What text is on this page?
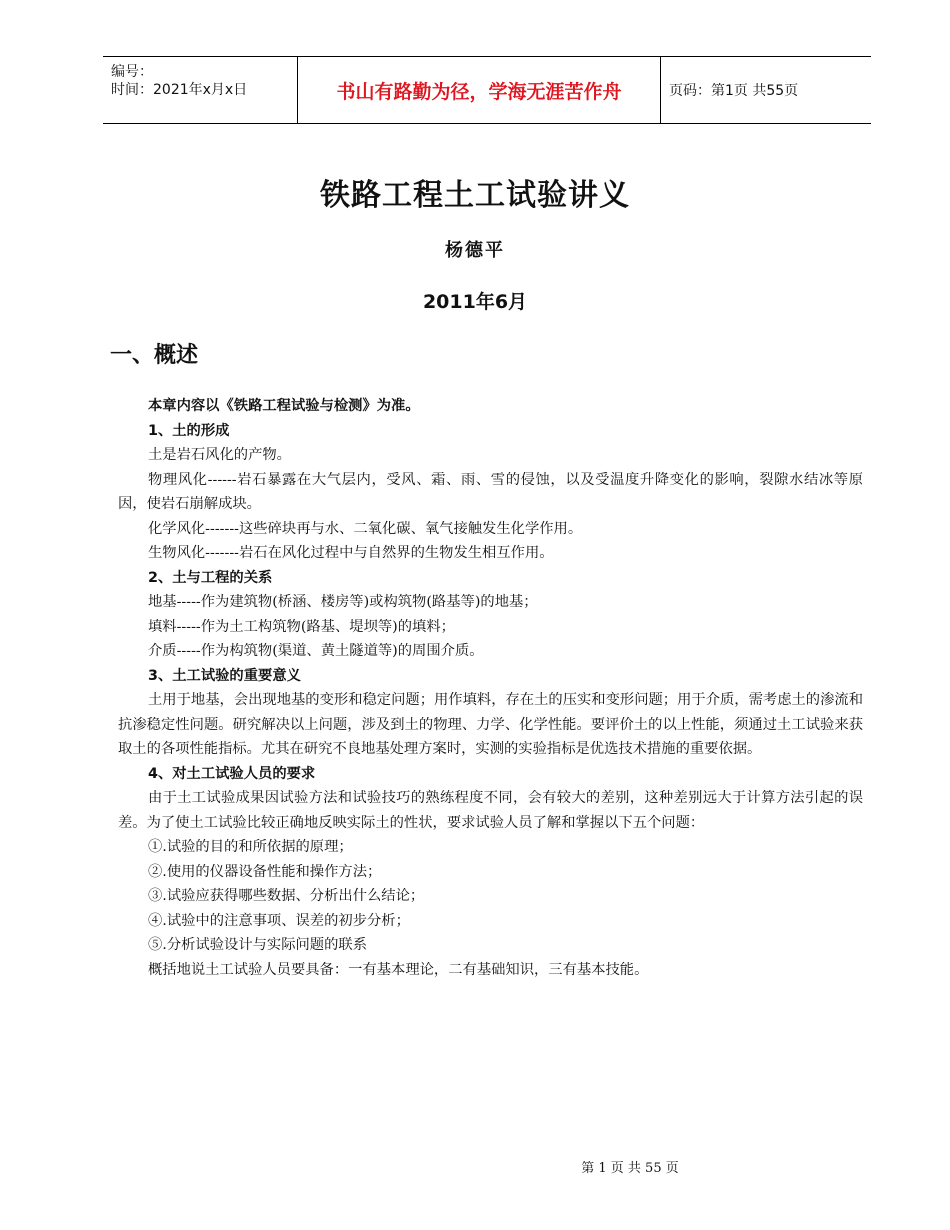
编号：
时间：2021年x月x日	书山有路勤为径，学海无涯苦作舟	页码：第1页 共55页
铁路工程土工试验讲义
杨德平
2011年6月
一、概述

本章内容以《铁路工程试验与检测》为准。

1、土的形成

土是岩石风化的产物。

物理风化------岩石暴露在大气层内，受风、霜、雨、雪的侵蚀，以及受温度升降变化的影响，裂隙水结冰等原因，使岩石崩解成块。

化学风化-------这些碎块再与水、二氧化碳、氧气接触发生化学作用。

生物风化-------岩石在风化过程中与自然界的生物发生相互作用。

2、土与工程的关系

地基-----作为建筑物(桥涵、楼房等)或构筑物(路基等)的地基；

填料-----作为土工构筑物(路基、堤坝等)的填料；

介质-----作为构筑物(渠道、黄土隧道等)的周围介质。

3、土工试验的重要意义

土用于地基，会出现地基的变形和稳定问题；用作填料，存在土的压实和变形问题；用于介质，需考虑土的渗流和抗渗稳定性问题。研究解决以上问题，涉及到土的物理、力学、化学性能。要评价土的以上性能，须通过土工试验来获取土的各项性能指标。尤其在研究不良地基处理方案时，实测的实验指标是优选技术措施的重要依据。

4、对土工试验人员的要求

由于土工试验成果因试验方法和试验技巧的熟练程度不同，会有较大的差别，这种差别远大于计算方法引起的误差。为了使土工试验比较正确地反映实际土的性状，要求试验人员了解和掌握以下五个问题：

①.试验的目的和所依据的原理；

②.使用的仪器设备性能和操作方法；

③.试验应获得哪些数据、分析出什么结论；

④.试验中的注意事项、误差的初步分析；

⑤.分析试验设计与实际问题的联系

概括地说土工试验人员要具备：一有基本理论，二有基础知识，三有基本技能。

第 1 页 共 55 页
